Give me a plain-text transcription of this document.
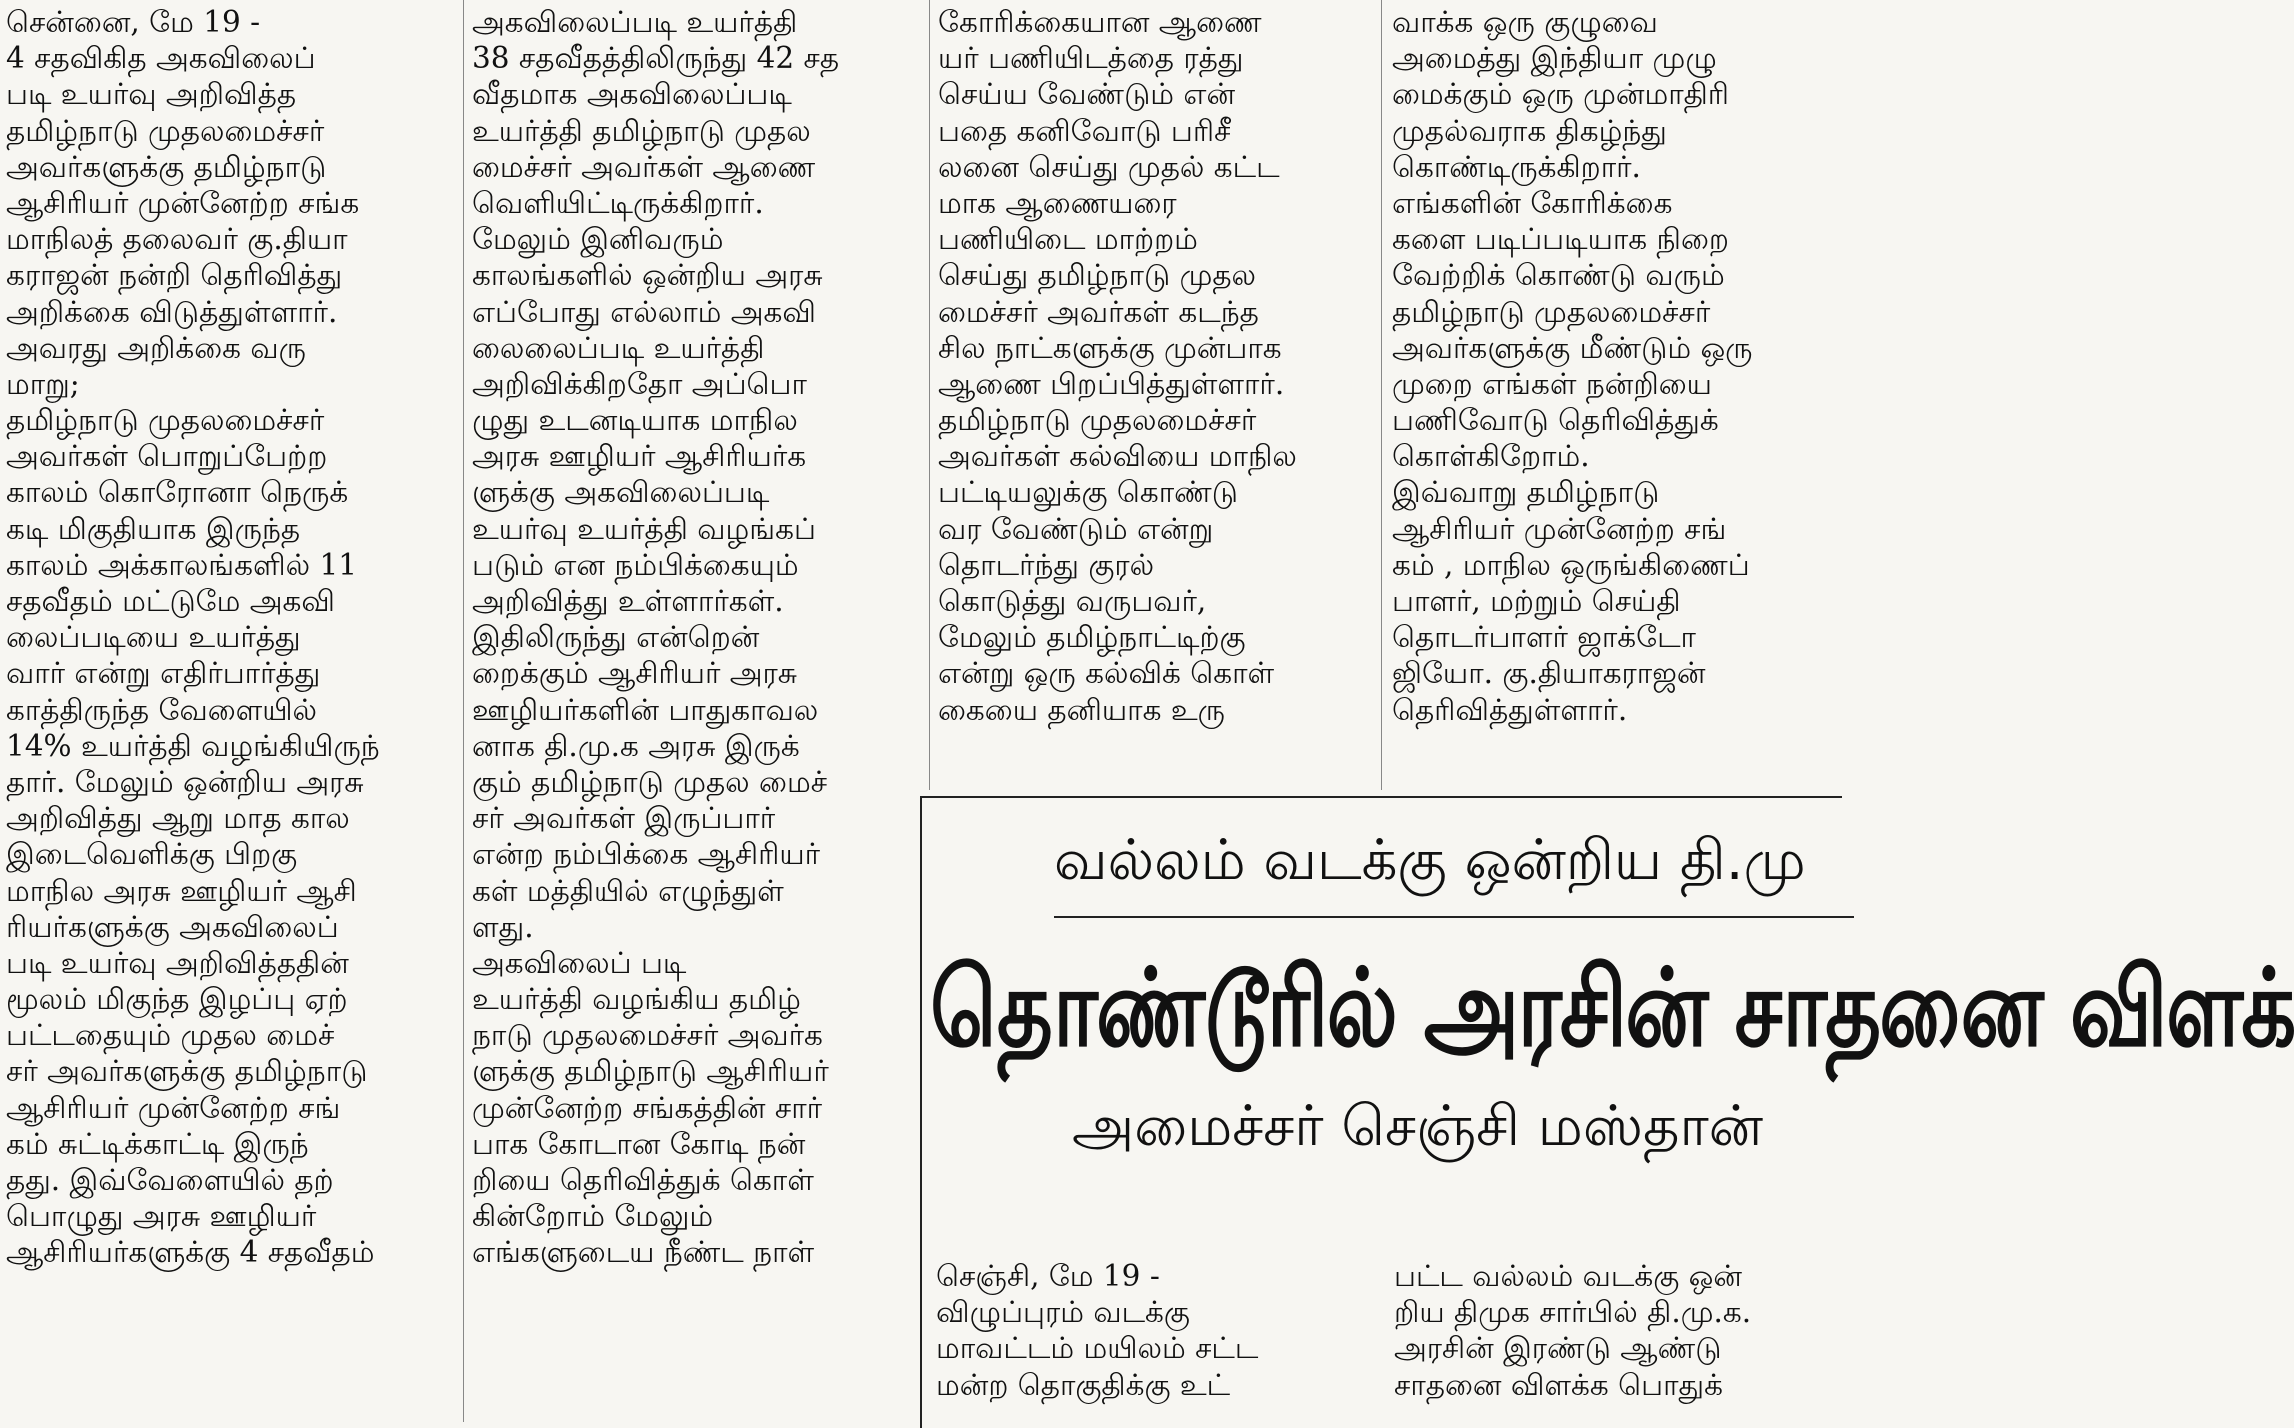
சென்னை, மே 19 -
4 சதவிகித அகவிலைப்
படி உயர்வு அறிவித்த
தமிழ்நாடு முதலமைச்சர்
அவர்களுக்கு தமிழ்நாடு
ஆசிரியர் முன்னேற்ற சங்க
மாநிலத் தலைவர் கு.தியா
கராஜன் நன்றி தெரிவித்து
அறிக்கை விடுத்துள்ளார்.
அவரது அறிக்கை வரு
மாறு;
தமிழ்நாடு முதலமைச்சர்
அவர்கள் பொறுப்பேற்ற
காலம் கொரோனா நெருக்
கடி மிகுதியாக இருந்த
காலம் அக்காலங்களில் 11
சதவீதம் மட்டுமே அகவி
லைப்படியை உயர்த்து
வார் என்று எதிர்பார்த்து
காத்திருந்த வேளையில்
14% உயர்த்தி வழங்கியிருந்
தார். மேலும் ஒன்றிய அரசு
அறிவித்து ஆறு மாத கால
இடைவெளிக்கு பிறகு
மாநில அரசு ஊழியர் ஆசி
ரியர்களுக்கு அகவிலைப்
படி உயர்வு அறிவித்ததின்
மூலம் மிகுந்த இழப்பு ஏற்
பட்டதையும் முதல மைச்
சர் அவர்களுக்கு தமிழ்நாடு
ஆசிரியர் முன்னேற்ற சங்
கம் சுட்டிக்காட்டி இருந்
தது. இவ்வேளையில் தற்
பொழுது அரசு ஊழியர்
ஆசிரியர்களுக்கு 4 சதவீதம்
அகவிலைப்படி உயர்த்தி
38 சதவீதத்திலிருந்து 42 சத
வீதமாக அகவிலைப்படி
உயர்த்தி தமிழ்நாடு முதல
மைச்சர் அவர்கள் ஆணை
வெளியிட்டிருக்கிறார்.
மேலும் இனிவரும்
காலங்களில் ஒன்றிய அரசு
எப்போது எல்லாம் அகவி
லைலைப்படி உயர்த்தி
அறிவிக்கிறதோ அப்பொ
ழுது உடனடியாக மாநில
அரசு ஊழியர் ஆசிரியர்க
ளுக்கு அகவிலைப்படி
உயர்வு உயர்த்தி வழங்கப்
படும் என நம்பிக்கையும்
அறிவித்து உள்ளார்கள்.
இதிலிருந்து என்றென்
றைக்கும் ஆசிரியர் அரசு
ஊழியர்களின் பாதுகாவல
னாக தி.மு.க அரசு இருக்
கும் தமிழ்நாடு முதல மைச்
சர் அவர்கள் இருப்பார்
என்ற நம்பிக்கை ஆசிரியர்
கள் மத்தியில் எழுந்துள்
ளது.
அகவிலைப் படி
உயர்த்தி வழங்கிய தமிழ்
நாடு முதலமைச்சர் அவர்க
ளுக்கு தமிழ்நாடு ஆசிரியர்
முன்னேற்ற சங்கத்தின் சார்
பாக கோடான கோடி நன்
றியை தெரிவித்துக் கொள்
கின்றோம் மேலும்
எங்களுடைய நீண்ட நாள்
கோரிக்கையான ஆணை
யர் பணியிடத்தை ரத்து
செய்ய வேண்டும் என்
பதை கனிவோடு பரிசீ
லனை செய்து முதல் கட்ட
மாக ஆணையரை
பணியிடை மாற்றம்
செய்து தமிழ்நாடு முதல
மைச்சர் அவர்கள் கடந்த
சில நாட்களுக்கு முன்பாக
ஆணை பிறப்பித்துள்ளார்.
தமிழ்நாடு முதலமைச்சர்
அவர்கள் கல்வியை மாநில
பட்டியலுக்கு கொண்டு
வர வேண்டும் என்று
தொடர்ந்து குரல்
கொடுத்து வருபவர்,
மேலும் தமிழ்நாட்டிற்கு
என்று ஒரு கல்விக் கொள்
கையை தனியாக உரு
வாக்க ஒரு குழுவை
அமைத்து இந்தியா முழு
மைக்கும் ஒரு முன்மாதிரி
முதல்வராக திகழ்ந்து
கொண்டிருக்கிறார்.
எங்களின் கோரிக்கை
களை படிப்படியாக நிறை
வேற்றிக் கொண்டு வரும்
தமிழ்நாடு முதலமைச்சர்
அவர்களுக்கு மீண்டும் ஒரு
முறை எங்கள் நன்றியை
பணிவோடு தெரிவித்துக்
கொள்கிறோம்.
இவ்வாறு தமிழ்நாடு
ஆசிரியர் முன்னேற்ற சங்
கம் , மாநில ஒருங்கிணைப்
பாளர், மற்றும் செய்தி
தொடர்பாளர் ஜாக்டோ
ஜியோ. கு.தியாகராஜன்
தெரிவித்துள்ளார்.
வல்லம் வடக்கு ஒன்றிய தி.மு
தொண்டூரில் அரசின் சாதனை விளக்
அமைச்சர் செஞ்சி மஸ்தான்
செஞ்சி, மே 19 -
விழுப்புரம் வடக்கு
மாவட்டம் மயிலம் சட்ட
மன்ற தொகுதிக்கு உட்
பட்ட வல்லம் வடக்கு ஒன்
றிய திமுக சார்பில் தி.மு.க.
அரசின் இரண்டு ஆண்டு
சாதனை விளக்க பொதுக்
